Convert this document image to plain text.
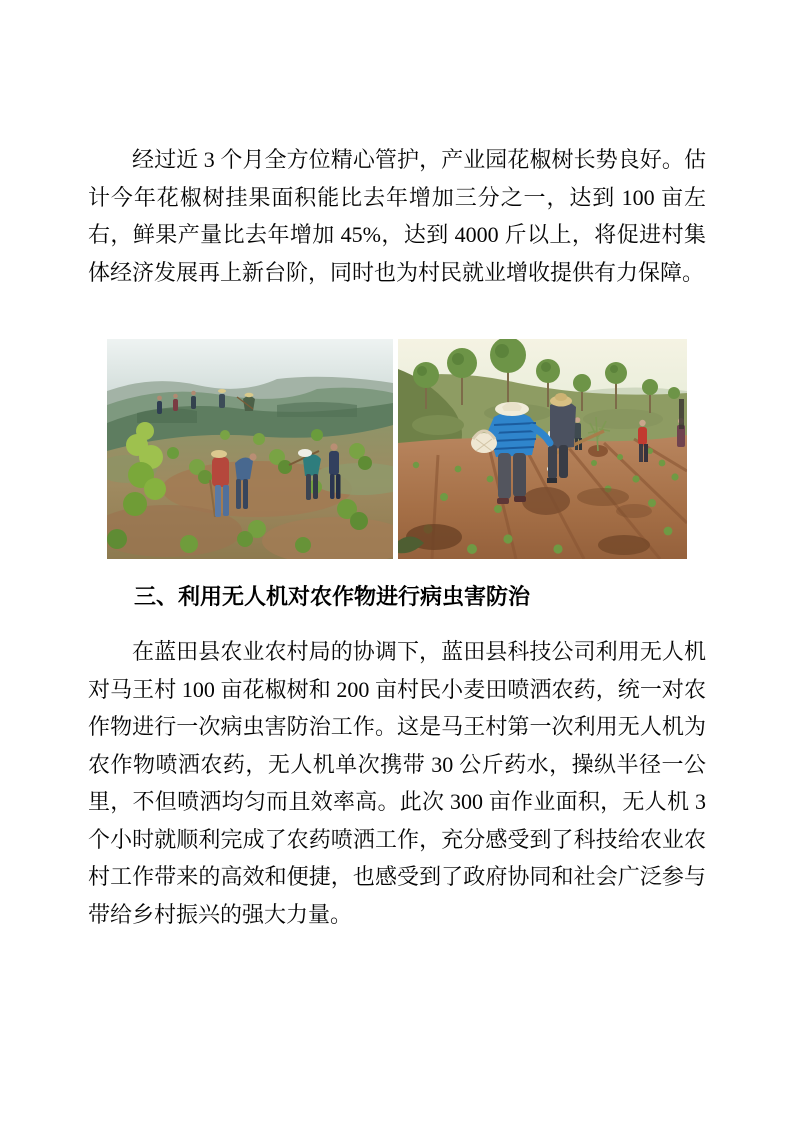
经过近 3 个月全方位精心管护，产业园花椒树长势良好。估计今年花椒树挂果面积能比去年增加三分之一，达到 100 亩左右，鲜果产量比去年增加 45%，达到 4000 斤以上，将促进村集体经济发展再上新台阶，同时也为村民就业增收提供有力保障。

三、利用无人机对农作物进行病虫害防治

在蓝田县农业农村局的协调下，蓝田县科技公司利用无人机对马王村 100 亩花椒树和 200 亩村民小麦田喷洒农药，统一对农作物进行一次病虫害防治工作。这是马王村第一次利用无人机为农作物喷洒农药，无人机单次携带 30 公斤药水，操纵半径一公里，不但喷洒均匀而且效率高。此次 300 亩作业面积，无人机 3 个小时就顺利完成了农药喷洒工作，充分感受到了科技给农业农村工作带来的高效和便捷，也感受到了政府协同和社会广泛参与带给乡村振兴的强大力量。
